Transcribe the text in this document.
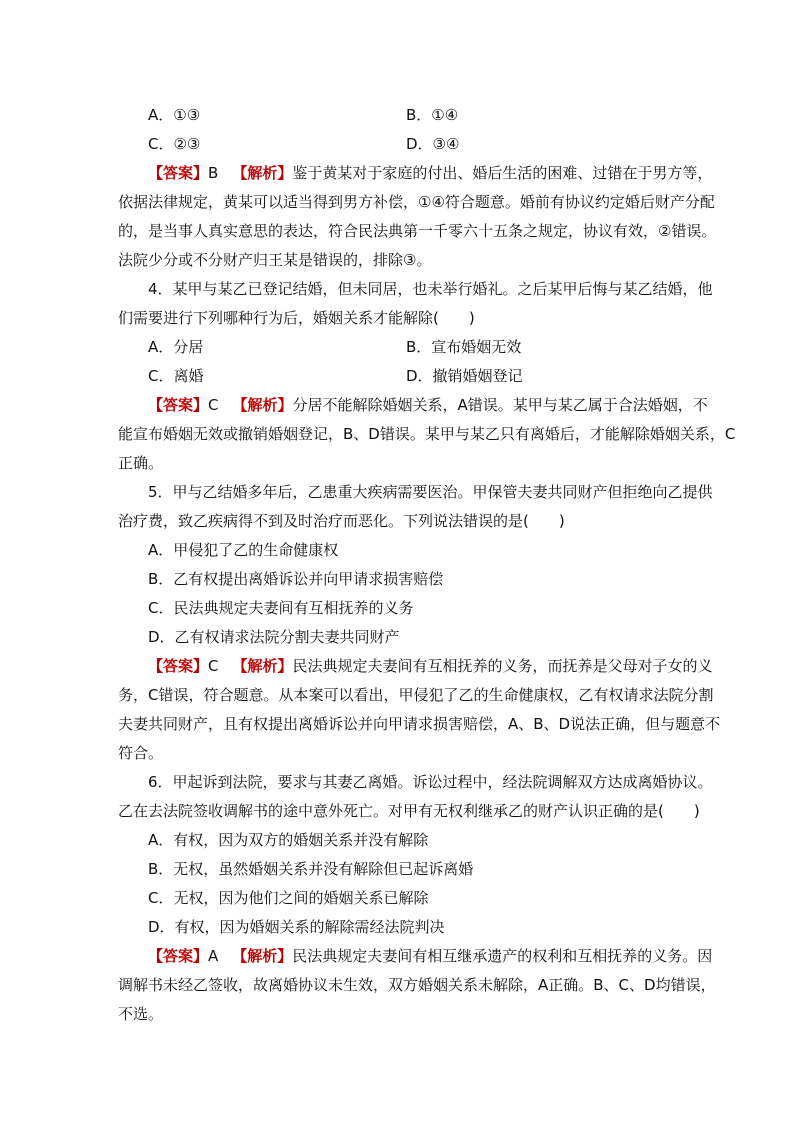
A．①③	B．①④
C．②③	D．③④
【答案】B 【解析】鉴于黄某对于家庭的付出、婚后生活的困难、过错在于男方等，
依据法律规定，黄某可以适当得到男方补偿，①④符合题意。婚前有协议约定婚后财产分配
的，是当事人真实意思的表达，符合民法典第一千零六十五条之规定，协议有效，②错误。
法院少分或不分财产归王某是错误的，排除③。
4．某甲与某乙已登记结婚，但未同居，也未举行婚礼。之后某甲后悔与某乙结婚，他
们需要进行下列哪种行为后，婚姻关系才能解除(　　)
A．分居	B．宣布婚姻无效
C．离婚	D．撤销婚姻登记
【答案】C 【解析】分居不能解除婚姻关系，A错误。某甲与某乙属于合法婚姻，不
能宣布婚姻无效或撤销婚姻登记，B、D错误。某甲与某乙只有离婚后，才能解除婚姻关系，C
正确。
5．甲与乙结婚多年后，乙患重大疾病需要医治。甲保管夫妻共同财产但拒绝向乙提供
治疗费，致乙疾病得不到及时治疗而恶化。下列说法错误的是(　　)
A．甲侵犯了乙的生命健康权
B．乙有权提出离婚诉讼并向甲请求损害赔偿
C．民法典规定夫妻间有互相抚养的义务
D．乙有权请求法院分割夫妻共同财产
【答案】C 【解析】民法典规定夫妻间有互相抚养的义务，而抚养是父母对子女的义
务，C错误，符合题意。从本案可以看出，甲侵犯了乙的生命健康权，乙有权请求法院分割
夫妻共同财产，且有权提出离婚诉讼并向甲请求损害赔偿，A、B、D说法正确，但与题意不
符合。
6．甲起诉到法院，要求与其妻乙离婚。诉讼过程中，经法院调解双方达成离婚协议。
乙在去法院签收调解书的途中意外死亡。对甲有无权利继承乙的财产认识正确的是(　　)
A．有权，因为双方的婚姻关系并没有解除
B．无权，虽然婚姻关系并没有解除但已起诉离婚
C．无权，因为他们之间的婚姻关系已解除
D．有权，因为婚姻关系的解除需经法院判决
【答案】A 【解析】民法典规定夫妻间有相互继承遗产的权利和互相抚养的义务。因
调解书未经乙签收，故离婚协议未生效，双方婚姻关系未解除，A正确。B、C、D均错误，
不选。
